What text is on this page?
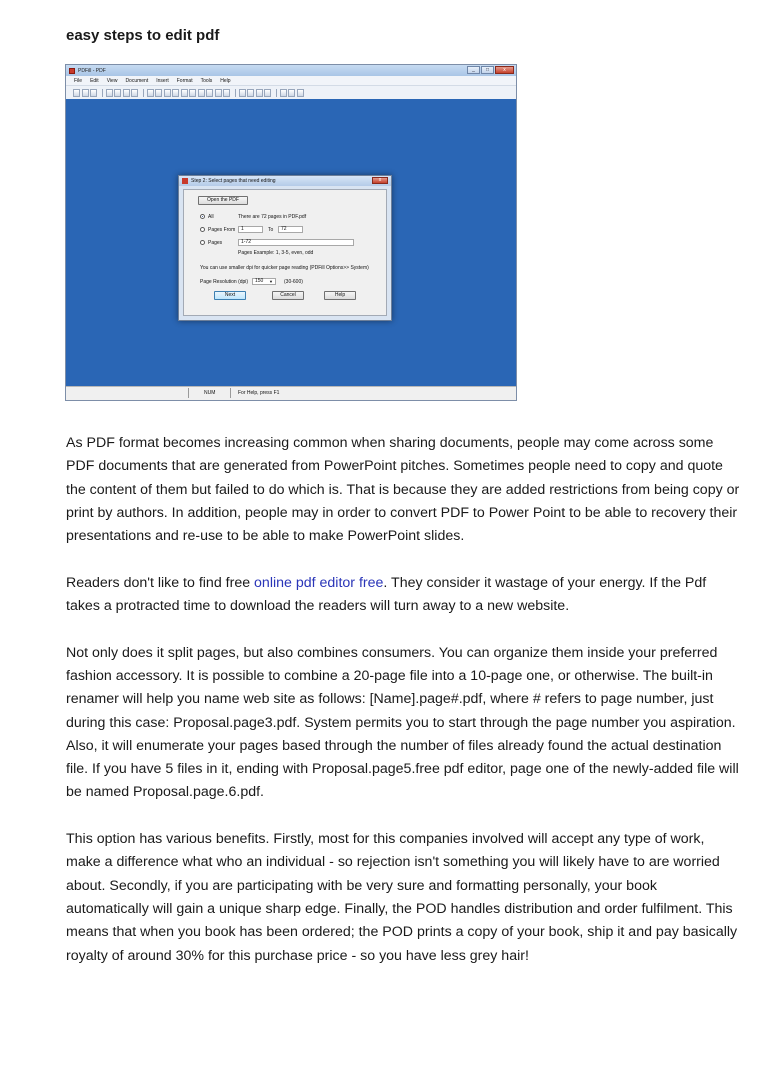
easy steps to edit pdf
PDFill - PDF	_	□	x
File Edit View Document Insert Format Tools Help
Step 2: Select pages that need editing	x
Open the PDF
All	There are 72 pages in PDF.pdf
Pages From	1	To	72
Pages	1-72
Pages Example: 1, 3-5, even, odd
You can use smaller dpi for quicker page reading (PDFill Options>> System)
Page Resolution (dpi)	150 ▼ (30-600)
Next	Cancel	Help
NUM	For Help, press F1

As PDF format becomes increasing common when sharing documents, people may come across some PDF documents that are generated from PowerPoint pitches. Sometimes people need to copy and quote the content of them but failed to do which is. That is because they are added restrictions from being copy or print by authors. In addition, people may in order to convert PDF to Power Point to be able to recovery their presentations and re-use to be able to make PowerPoint slides.

Readers don't like to find free online pdf editor free. They consider it wastage of your energy. If the Pdf takes a protracted time to download the readers will turn away to a new website.

Not only does it split pages, but also combines consumers. You can organize them inside your preferred fashion accessory. It is possible to combine a 20-page file into a 10-page one, or otherwise. The built-in renamer will help you name web site as follows: [Name].page#.pdf, where # refers to page number, just during this case: Proposal.page3.pdf. System permits you to start through the page number you aspiration. Also, it will enumerate your pages based through the number of files already found the actual destination file. If you have 5 files in it, ending with Proposal.page5.free pdf editor, page one of the newly-added file will be named Proposal.page.6.pdf.

This option has various benefits. Firstly, most for this companies involved will accept any type of work, make a difference what who an individual - so rejection isn't something you will likely have to are worried about. Secondly, if you are participating with be very sure and formatting personally, your book automatically will gain a unique sharp edge. Finally, the POD handles distribution and order fulfilment. This means that when you book has been ordered; the POD prints a copy of your book, ship it and pay basically royalty of around 30% for this purchase price - so you have less grey hair!
